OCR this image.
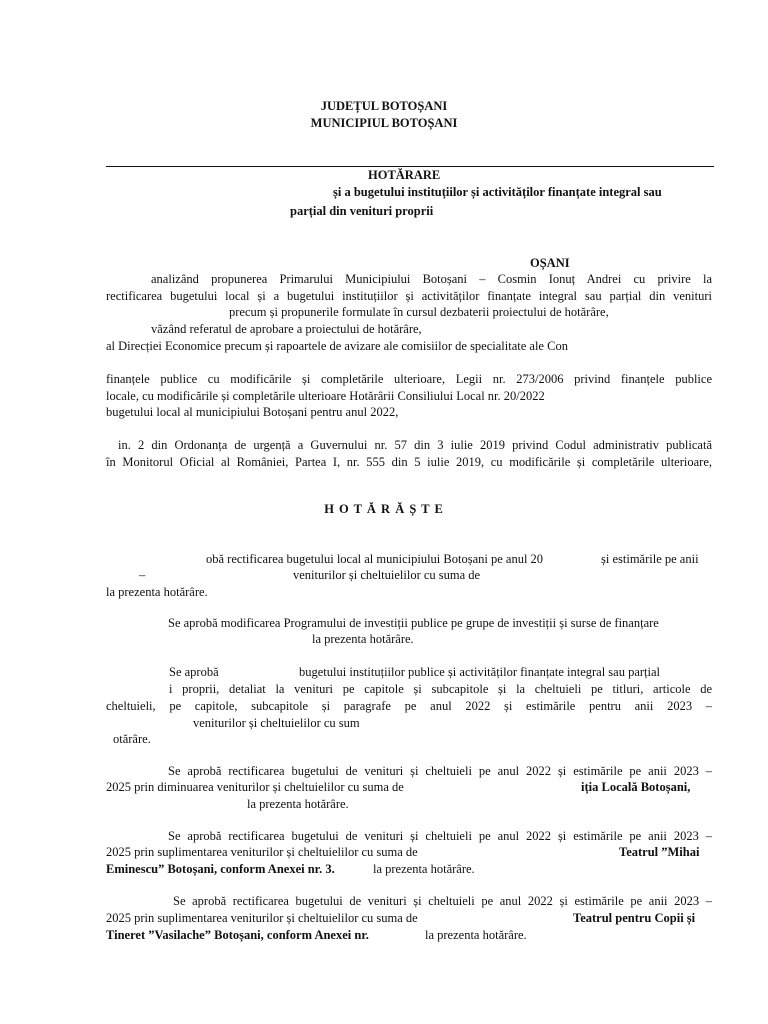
JUDEȚUL BOTOȘANI
MUNICIPIUL BOTOȘANI
HOTĂRARE
și a bugetului instituțiilor și activităților finanțate integral sau
parțial din venituri proprii
OȘANI
analizând propunerea Primarului Municipiului Botoșani – Cosmin Ionuț Andrei cu privire la
rectificarea bugetului local și a bugetului instituțiilor și activităților finanțate integral sau parțial din venituri
precum și propunerile formulate în cursul dezbaterii proiectului de hotărâre,
văzând referatul de aprobare a proiectului de hotărâre,
al Direcției Economice precum și rapoartele de avizare ale comisiilor de specialitate ale Con
finanțele publice cu modificările și completările ulterioare, Legii nr. 273/2006 privind finanțele publice
locale, cu modificările și completările ulterioare Hotărârii Consiliului Local nr. 20/2022
bugetului local al municipiului Botoșani pentru anul 2022,
in. 2 din Ordonanța de urgență a Guvernului nr. 57 din 3 iulie 2019 privind Codul administrativ publicată
în Monitorul Oficial al României, Partea I, nr. 555 din 5 iulie 2019, cu modificările și completările ulterioare,
H O T Ă R Ă Ș T E
obă rectificarea bugetului local al municipiului Botoșani pe anul 20	și estimările pe anii
–	veniturilor și cheltuielilor cu suma de
la prezenta hotărâre.
Se aprobă modificarea Programului de investiții publice pe grupe de investiții și surse de finanțare
la prezenta hotărâre.
Se aprobă	bugetului instituțiilor publice și activităților finanțate integral sau parțial
i proprii, detaliat la venituri pe capitole și subcapitole și la cheltuieli pe titluri, articole de
cheltuieli, pe capitole, subcapitole și paragrafe pe anul 2022 și estimările pentru anii 2023 –
veniturilor și cheltuielilor cu sum
otărâre.
Se aprobă rectificarea bugetului de venituri și cheltuieli pe anul 2022 și estimările pe anii 2023 –
2025 prin diminuarea veniturilor și cheltuielilor cu suma de	iția Locală Botoșani,
la prezenta hotărâre.
Se aprobă rectificarea bugetului de venituri și cheltuieli pe anul 2022 și estimările pe anii 2023 –
2025 prin suplimentarea veniturilor și cheltuielilor cu suma de	Teatrul ”Mihai
Eminescu” Botoșani, conform Anexei nr. 3.	la prezenta hotărâre.
Se aprobă rectificarea bugetului de venituri și cheltuieli pe anul 2022 și estimările pe anii 2023 –
2025 prin suplimentarea veniturilor și cheltuielilor cu suma de	Teatrul pentru Copii și
Tineret ”Vasilache” Botoșani, conform Anexei nr.	la prezenta hotărâre.
